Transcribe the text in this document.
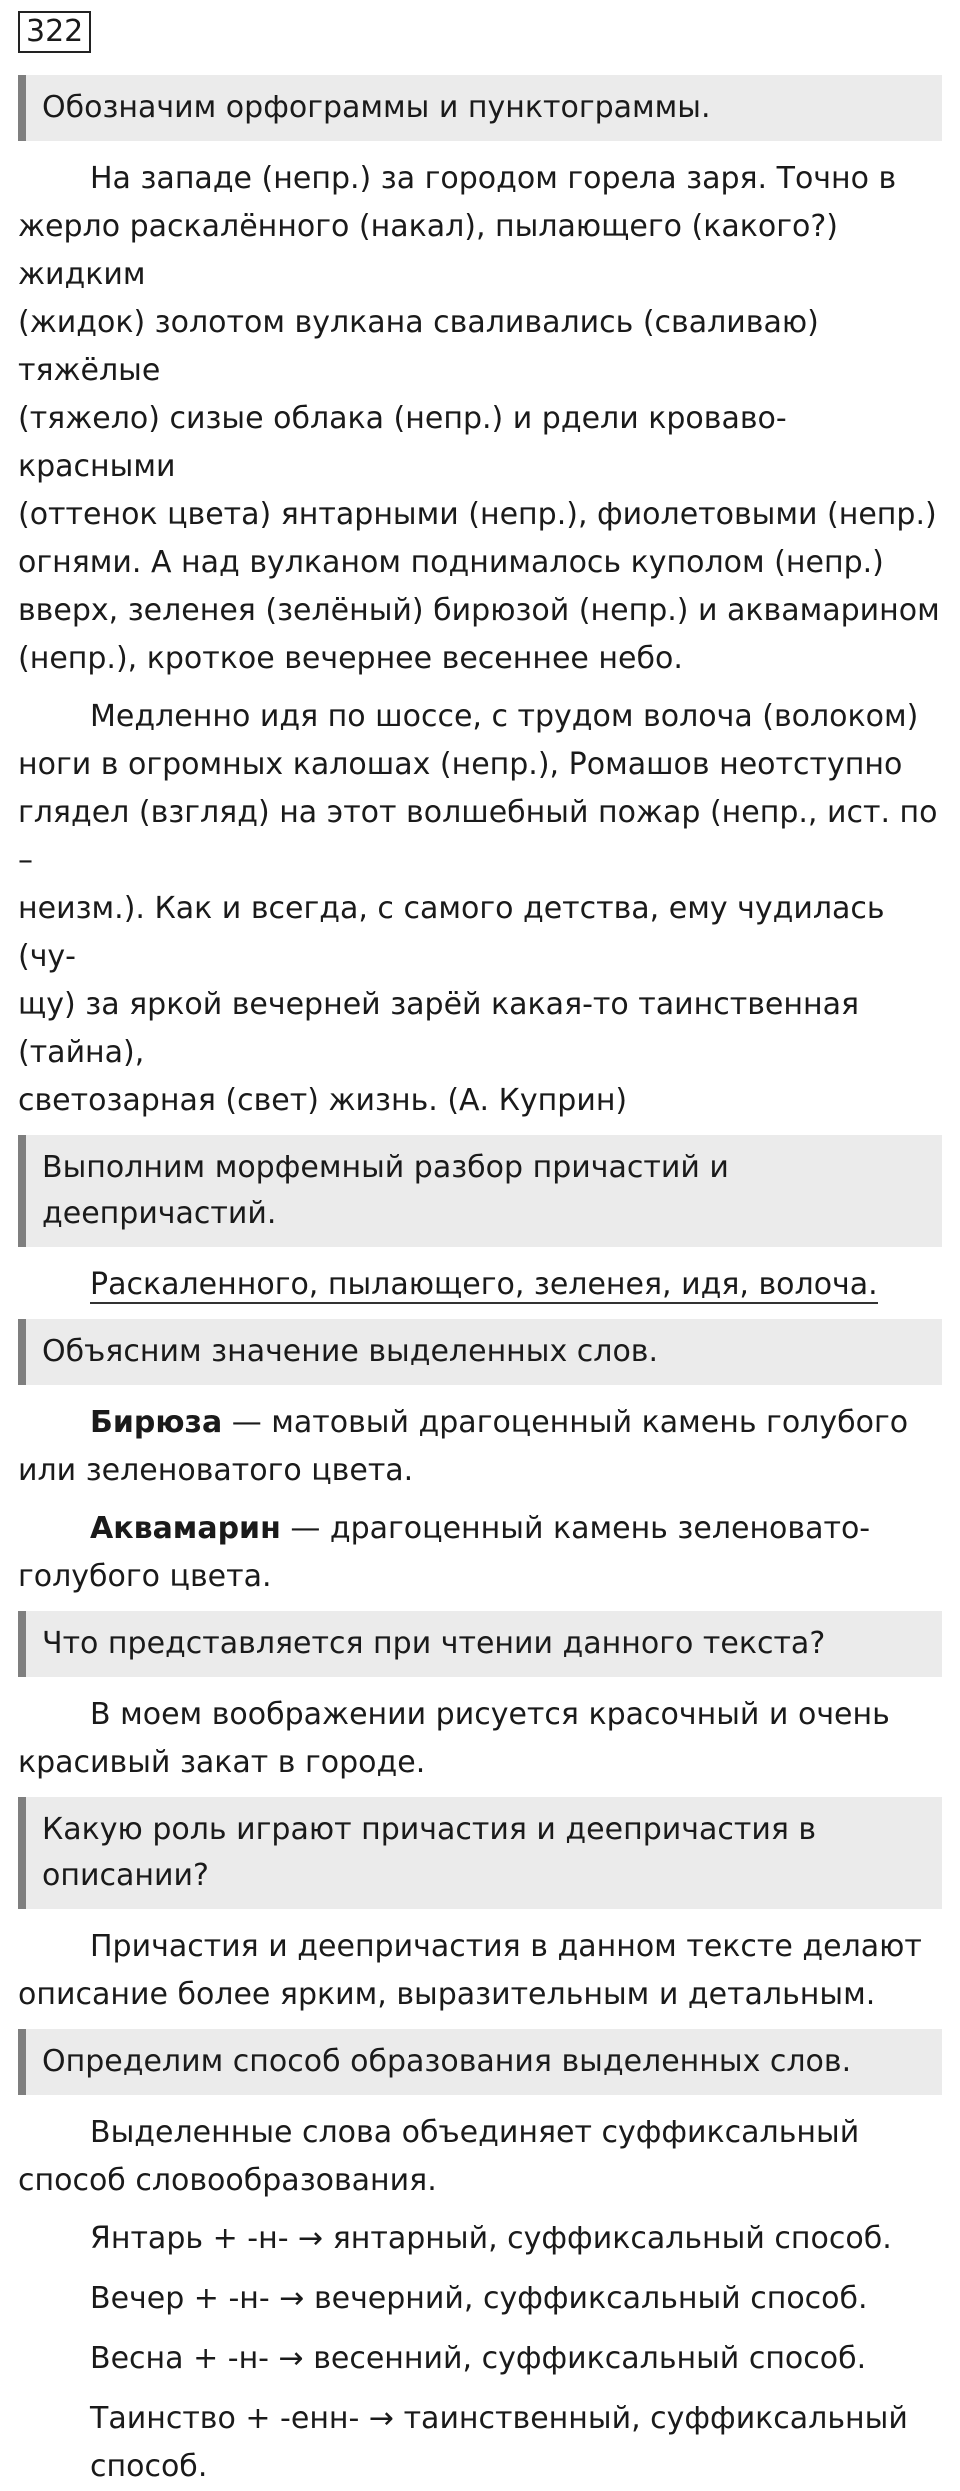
322
Обозначим орфограммы и пунктограммы.
На западе (непр.) за городом горела заря. Точно в
жерло раскалённого (накал), пылающего (какого?) жидким
(жидок) золотом вулкана сваливались (сваливаю) тяжёлые
(тяжело) сизые облака (непр.) и рдели кроваво-красными
(оттенок цвета) янтарными (непр.), фиолетовыми (непр.)
огнями. А над вулканом поднималось куполом (непр.)
вверх, зеленея (зелёный) бирюзой (непр.) и аквамарином
(непр.), кроткое вечернее весеннее небо.
Медленно идя по шоссе, с трудом волоча (волоком)
ноги в огромных калошах (непр.), Ромашов неотступно
глядел (взгляд) на этот волшебный пожар (непр., ист. по –
неизм.). Как и всегда, с самого детства, ему чудилась (чу-
щу) за яркой вечерней зарёй какая-то таинственная (тайна),
светозарная (свет) жизнь. (А. Куприн)
Выполним морфемный разбор причастий и деепричастий.

Раскаленного, пылающего, зеленея, идя, волоча.

Объясним значение выделенных слов.

Бирюза — матовый драгоценный камень голубого или зеленоватого цвета.

Аквамарин — драгоценный камень зеленовато-голубого цвета.

Что представляется при чтении данного текста?

В моем воображении рисуется красочный и очень красивый закат в городе.

Какую роль играют причастия и деепричастия в описании?

Причастия и деепричастия в данном тексте делают описание более ярким, выразительным и детальным.

Определим способ образования выделенных слов.

Выделенные слова объединяет суффиксальный способ словообразования.

Янтарь + -н- → янтарный, суффиксальный способ.
Вечер + -н- → вечерний, суффиксальный способ.
Весна + -н- → весенний, суффиксальный способ.
Таинство + -енн- → таинственный, суффиксальный способ.
